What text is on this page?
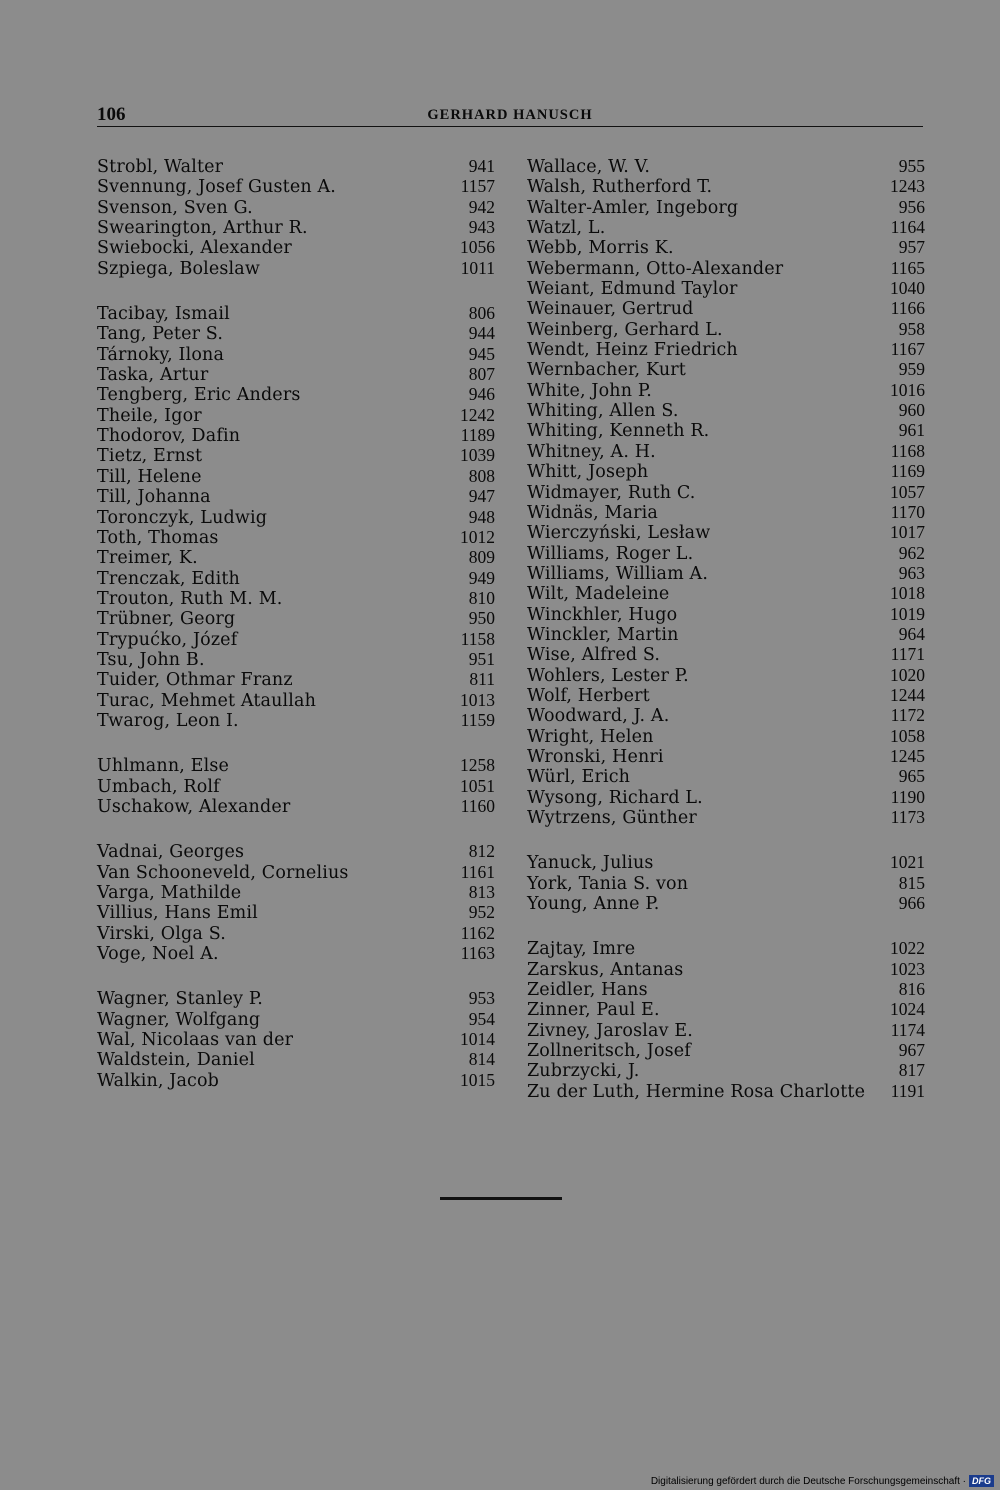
106	GERHARD HANUSCH
Strobl, Walter	941
Svennung, Josef Gusten A.	1157
Svenson, Sven G.	942
Swearington, Arthur R.	943
Swiebocki, Alexander	1056
Szpiega, Boleslaw	1011
Tacibay, Ismail	806
Tang, Peter S.	944
Tárnoky, Ilona	945
Taska, Artur	807
Tengberg, Eric Anders	946
Theile, Igor	1242
Thodorov, Dafin	1189
Tietz, Ernst	1039
Till, Helene	808
Till, Johanna	947
Toronczyk, Ludwig	948
Toth, Thomas	1012
Treimer, K.	809
Trenczak, Edith	949
Trouton, Ruth M. M.	810
Trübner, Georg	950
Trypućko, Józef	1158
Tsu, John B.	951
Tuider, Othmar Franz	811
Turac, Mehmet Ataullah	1013
Twarog, Leon I.	1159
Uhlmann, Else	1258
Umbach, Rolf	1051
Uschakow, Alexander	1160
Vadnai, Georges	812
Van Schooneveld, Cornelius	1161
Varga, Mathilde	813
Villius, Hans Emil	952
Virski, Olga S.	1162
Voge, Noel A.	1163
Wagner, Stanley P.	953
Wagner, Wolfgang	954
Wal, Nicolaas van der	1014
Waldstein, Daniel	814
Walkin, Jacob	1015
Wallace, W. V.	955
Walsh, Rutherford T.	1243
Walter-Amler, Ingeborg	956
Watzl, L.	1164
Webb, Morris K.	957
Webermann, Otto-Alexander	1165
Weiant, Edmund Taylor	1040
Weinauer, Gertrud	1166
Weinberg, Gerhard L.	958
Wendt, Heinz Friedrich	1167
Wernbacher, Kurt	959
White, John P.	1016
Whiting, Allen S.	960
Whiting, Kenneth R.	961
Whitney, A. H.	1168
Whitt, Joseph	1169
Widmayer, Ruth C.	1057
Widnäs, Maria	1170
Wierczyński, Lesław	1017
Williams, Roger L.	962
Williams, William A.	963
Wilt, Madeleine	1018
Winckhler, Hugo	1019
Winckler, Martin	964
Wise, Alfred S.	1171
Wohlers, Lester P.	1020
Wolf, Herbert	1244
Woodward, J. A.	1172
Wright, Helen	1058
Wronski, Henri	1245
Würl, Erich	965
Wysong, Richard L.	1190
Wytrzens, Günther	1173
Yanuck, Julius	1021
York, Tania S. von	815
Young, Anne P.	966
Zajtay, Imre	1022
Zarskus, Antanas	1023
Zeidler, Hans	816
Zinner, Paul E.	1024
Zivney, Jaroslav E.	1174
Zollneritsch, Josef	967
Zubrzycki, J.	817
Zu der Luth, Hermine Rosa Charlotte 1191
Digitalisierung gefördert durch die Deutsche Forschungsgemeinschaft · DFG
